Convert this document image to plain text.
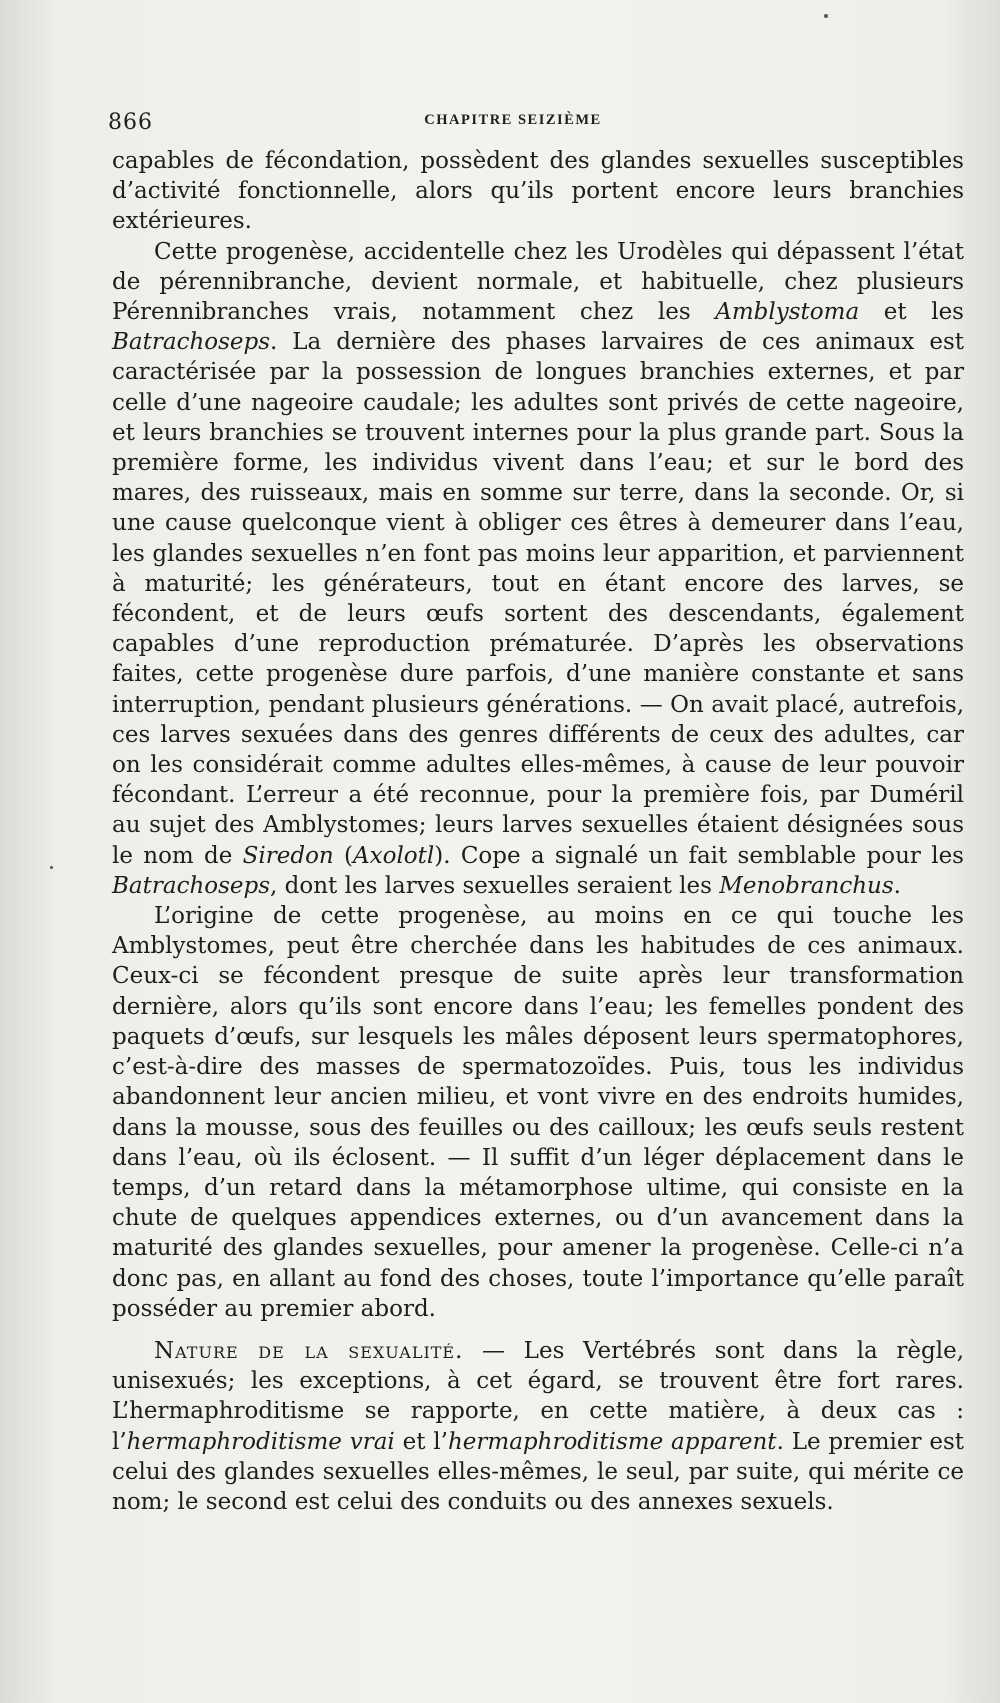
866	CHAPITRE SEIZIÈME

capables de fécondation, possèdent des glandes sexuelles susceptibles d’activité fonctionnelle, alors qu’ils portent encore leurs branchies extérieures.

Cette progenèse, accidentelle chez les Urodèles qui dépassent l’état de pérennibranche, devient normale, et habituelle, chez plusieurs Pérennibranches vrais, notamment chez les Amblystoma et les Batrachoseps. La dernière des phases larvaires de ces animaux est caractérisée par la possession de longues branchies externes, et par celle d’une nageoire caudale; les adultes sont privés de cette nageoire, et leurs branchies se trouvent internes pour la plus grande part. Sous la première forme, les individus vivent dans l’eau; et sur le bord des mares, des ruisseaux, mais en somme sur terre, dans la seconde. Or, si une cause quelconque vient à obliger ces êtres à demeurer dans l’eau, les glandes sexuelles n’en font pas moins leur apparition, et parviennent à maturité; les générateurs, tout en étant encore des larves, se fécondent, et de leurs œufs sortent des descendants, également capables d’une reproduction prématurée. D’après les observations faites, cette progenèse dure parfois, d’une manière constante et sans interruption, pendant plusieurs générations. — On avait placé, autrefois, ces larves sexuées dans des genres différents de ceux des adultes, car on les considérait comme adultes elles-mêmes, à cause de leur pouvoir fécondant. L’erreur a été reconnue, pour la première fois, par Duméril au sujet des Amblystomes; leurs larves sexuelles étaient désignées sous le nom de Siredon (Axolotl). Cope a signalé un fait semblable pour les Batrachoseps, dont les larves sexuelles seraient les Menobranchus.

L’origine de cette progenèse, au moins en ce qui touche les Amblystomes, peut être cherchée dans les habitudes de ces animaux. Ceux-ci se fécondent presque de suite après leur transformation dernière, alors qu’ils sont encore dans l’eau; les femelles pondent des paquets d’œufs, sur lesquels les mâles déposent leurs spermatophores, c’est-à-dire des masses de spermatozoïdes. Puis, tous les individus abandonnent leur ancien milieu, et vont vivre en des endroits humides, dans la mousse, sous des feuilles ou des cailloux; les œufs seuls restent dans l’eau, où ils éclosent. — Il suffit d’un léger déplacement dans le temps, d’un retard dans la métamorphose ultime, qui consiste en la chute de quelques appendices externes, ou d’un avancement dans la maturité des glandes sexuelles, pour amener la progenèse. Celle-ci n’a donc pas, en allant au fond des choses, toute l’importance qu’elle paraît posséder au premier abord.

Nature de la sexualité. — Les Vertébrés sont dans la règle, unisexués; les exceptions, à cet égard, se trouvent être fort rares. L’hermaphroditisme se rapporte, en cette matière, à deux cas : l’hermaphroditisme vrai et l’hermaphroditisme apparent. Le premier est celui des glandes sexuelles elles-mêmes, le seul, par suite, qui mérite ce nom; le second est celui des conduits ou des annexes sexuels.
